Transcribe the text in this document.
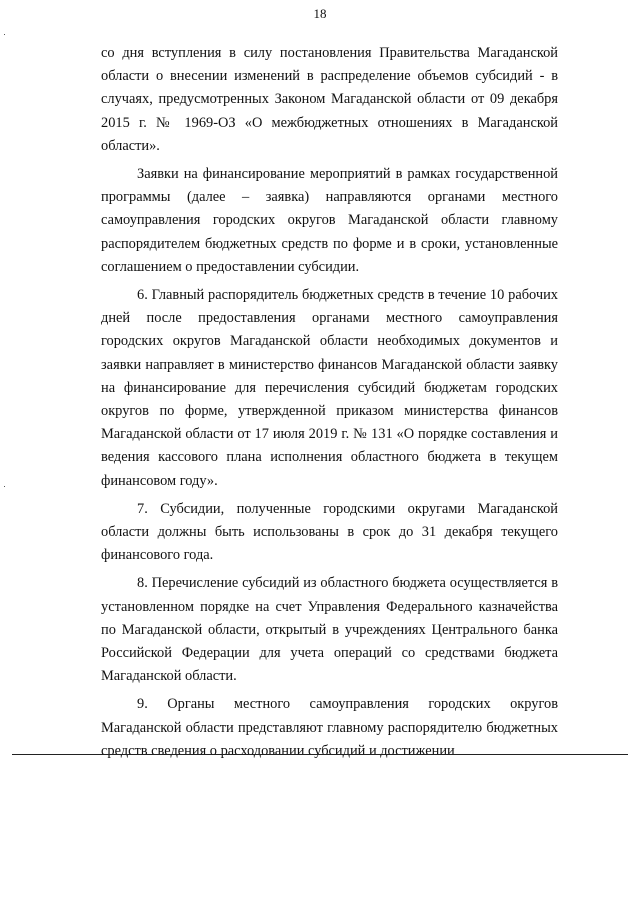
18

со дня вступления в силу постановления Правительства Магаданской области о внесении изменений в распределение объемов субсидий - в случаях, предусмотренных Законом Магаданской области от 09 декабря 2015 г. № 1969-ОЗ «О межбюджетных отношениях в Магаданской области».

Заявки на финансирование мероприятий в рамках государственной программы (далее – заявка) направляются органами местного самоуправления городских округов Магаданской области главному распорядителем бюджетных средств по форме и в сроки, установленные соглашением о предоставлении субсидии.

6. Главный распорядитель бюджетных средств в течение 10 рабочих дней после предоставления органами местного самоуправления городских округов Магаданской области необходимых документов и заявки направляет в министерство финансов Магаданской области заявку на финансирование для перечисления субсидий бюджетам городских округов по форме, утвержденной приказом министерства финансов Магаданской области от 17 июля 2019 г. № 131 «О порядке составления и ведения кассового плана исполнения областного бюджета в текущем финансовом году».

7. Субсидии, полученные городскими округами Магаданской области должны быть использованы в срок до 31 декабря текущего финансового года.

8. Перечисление субсидий из областного бюджета осуществляется в установленном порядке на счет Управления Федерального казначейства по Магаданской области, открытый в учреждениях Центрального банка Российской Федерации для учета операций со средствами бюджета Магаданской области.

9. Органы местного самоуправления городских округов Магаданской области представляют главному распорядителю бюджетных средств сведения о расходовании субсидий и достижении
